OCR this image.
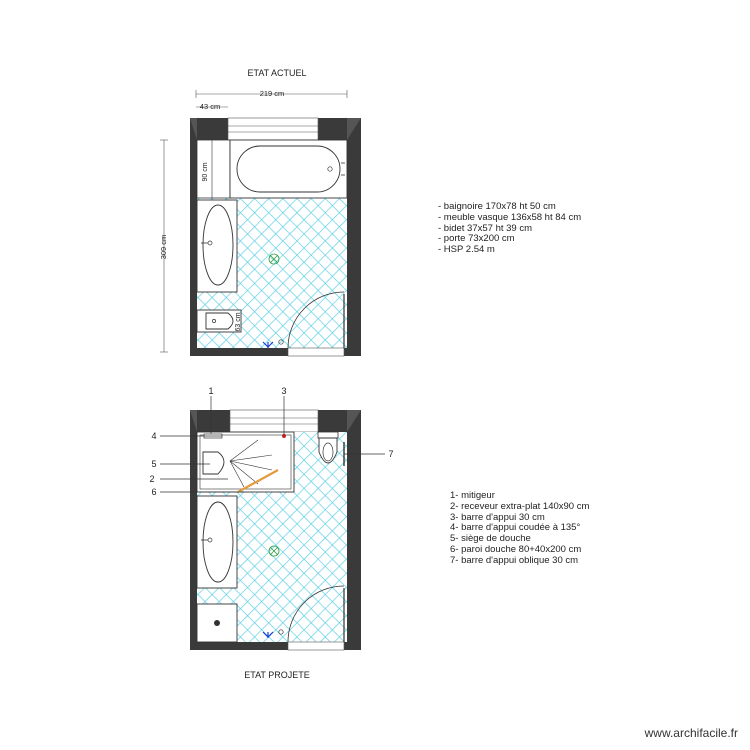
ETAT ACTUEL
219 cm
43 cm
309 cm
90 cm
63 cm
1
2
3
4
5
6
7
ETAT PROJETE
- baignoire 170x78 ht 50 cm
- meuble vasque 136x58 ht 84 cm
- bidet 37x57 ht 39 cm
- porte 73x200 cm
- HSP 2.54 m
1- mitigeur
2- receveur extra-plat 140x90 cm
3- barre d'appui 30 cm
4- barre d'appui coudée à 135°
5- siège de douche
6- paroi douche 80+40x200 cm
7- barre d'appui oblique 30 cm
www.archifacile.fr
